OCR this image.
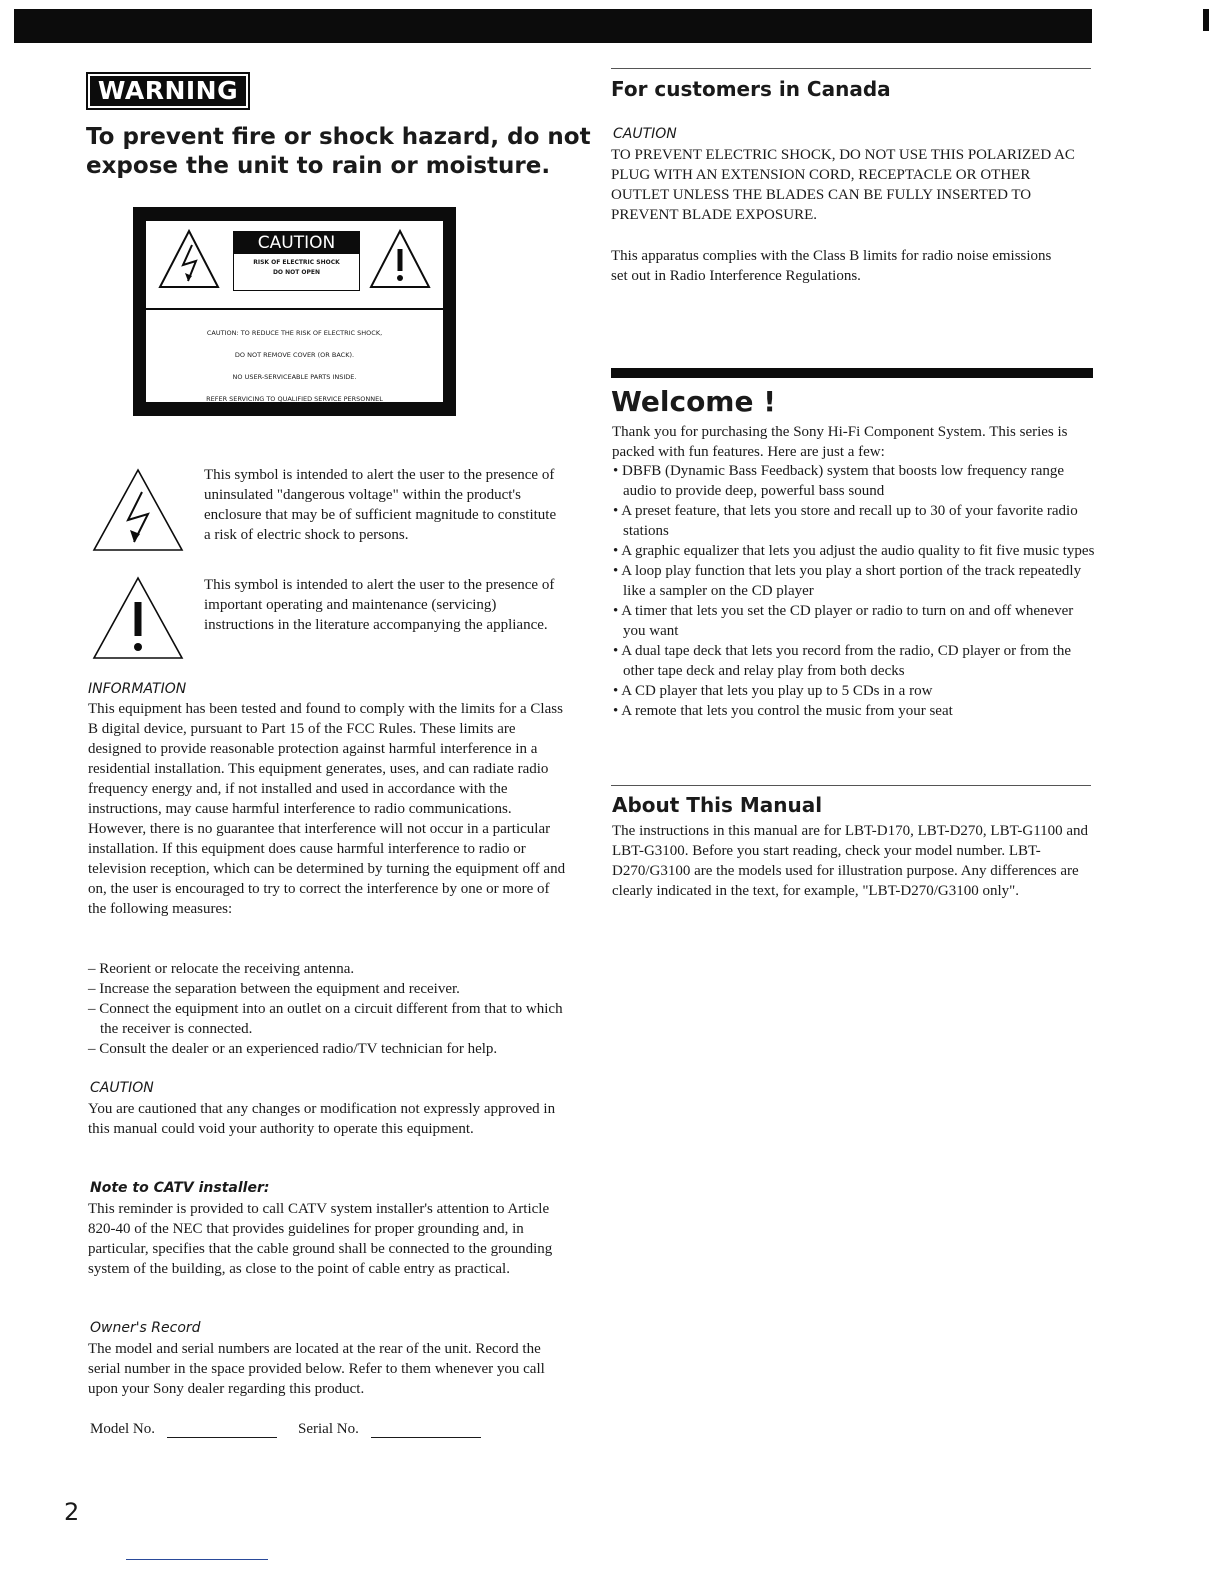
WARNING
To prevent fire or shock hazard, do not expose the unit to rain or moisture.
CAUTION
RISK OF ELECTRIC SHOCK
DO NOT OPEN
CAUTION: TO REDUCE THE RISK OF ELECTRIC SHOCK,
DO NOT REMOVE COVER (OR BACK).
NO USER-SERVICEABLE PARTS INSIDE.
REFER SERVICING TO QUALIFIED SERVICE PERSONNEL

This symbol is intended to alert the user to the presence of uninsulated "dangerous voltage" within the product's enclosure that may be of sufficient magnitude to constitute a risk of electric shock to persons.

This symbol is intended to alert the user to the presence of important operating and maintenance (servicing) instructions in the literature accompanying the appliance.

INFORMATION

This equipment has been tested and found to comply with the limits for a Class B digital device, pursuant to Part 15 of the FCC Rules. These limits are designed to provide reasonable protection against harmful interference in a residential installation. This equipment generates, uses, and can radiate radio frequency energy and, if not installed and used in accordance with the instructions, may cause harmful interference to radio communications. However, there is no guarantee that interference will not occur in a particular installation. If this equipment does cause harmful interference to radio or television reception, which can be determined by turning the equipment off and on, the user is encouraged to try to correct the interference by one or more of the following measures:

– Reorient or relocate the receiving antenna.
– Increase the separation between the equipment and receiver.
– Connect the equipment into an outlet on a circuit different from that to which the receiver is connected.
– Consult the dealer or an experienced radio/TV technician for help.
CAUTION

You are cautioned that any changes or modification not expressly approved in this manual could void your authority to operate this equipment.

Note to CATV installer:

This reminder is provided to call CATV system installer's attention to Article 820-40 of the NEC that provides guidelines for proper grounding and, in particular, specifies that the cable ground shall be connected to the grounding system of the building, as close to the point of cable entry as practical.

Owner's Record

The model and serial numbers are located at the rear of the unit. Record the serial number in the space provided below. Refer to them whenever you call upon your Sony dealer regarding this product.

Model No.	Serial No.
2
For customers in Canada
CAUTION

TO PREVENT ELECTRIC SHOCK, DO NOT USE THIS POLARIZED AC PLUG WITH AN EXTENSION CORD, RECEPTACLE OR OTHER OUTLET UNLESS THE BLADES CAN BE FULLY INSERTED TO PREVENT BLADE EXPOSURE.

This apparatus complies with the Class B limits for radio noise emissions set out in Radio Interference Regulations.

Welcome !

Thank you for purchasing the Sony Hi-Fi Component System. This series is packed with fun features. Here are just a few:

• DBFB (Dynamic Bass Feedback) system that boosts low frequency range audio to provide deep, powerful bass sound
• A preset feature, that lets you store and recall up to 30 of your favorite radio stations
• A graphic equalizer that lets you adjust the audio quality to fit five music types
• A loop play function that lets you play a short portion of the track repeatedly like a sampler on the CD player
• A timer that lets you set the CD player or radio to turn on and off whenever you want
• A dual tape deck that lets you record from the radio, CD player or from the other tape deck and relay play from both decks
• A CD player that lets you play up to 5 CDs in a row
• A remote that lets you control the music from your seat
About This Manual

The instructions in this manual are for LBT-D170, LBT-D270, LBT-G1100 and LBT-G3100. Before you start reading, check your model number. LBT-D270/G3100 are the models used for illustration purpose. Any differences are clearly indicated in the text, for example, "LBT-D270/G3100 only".
